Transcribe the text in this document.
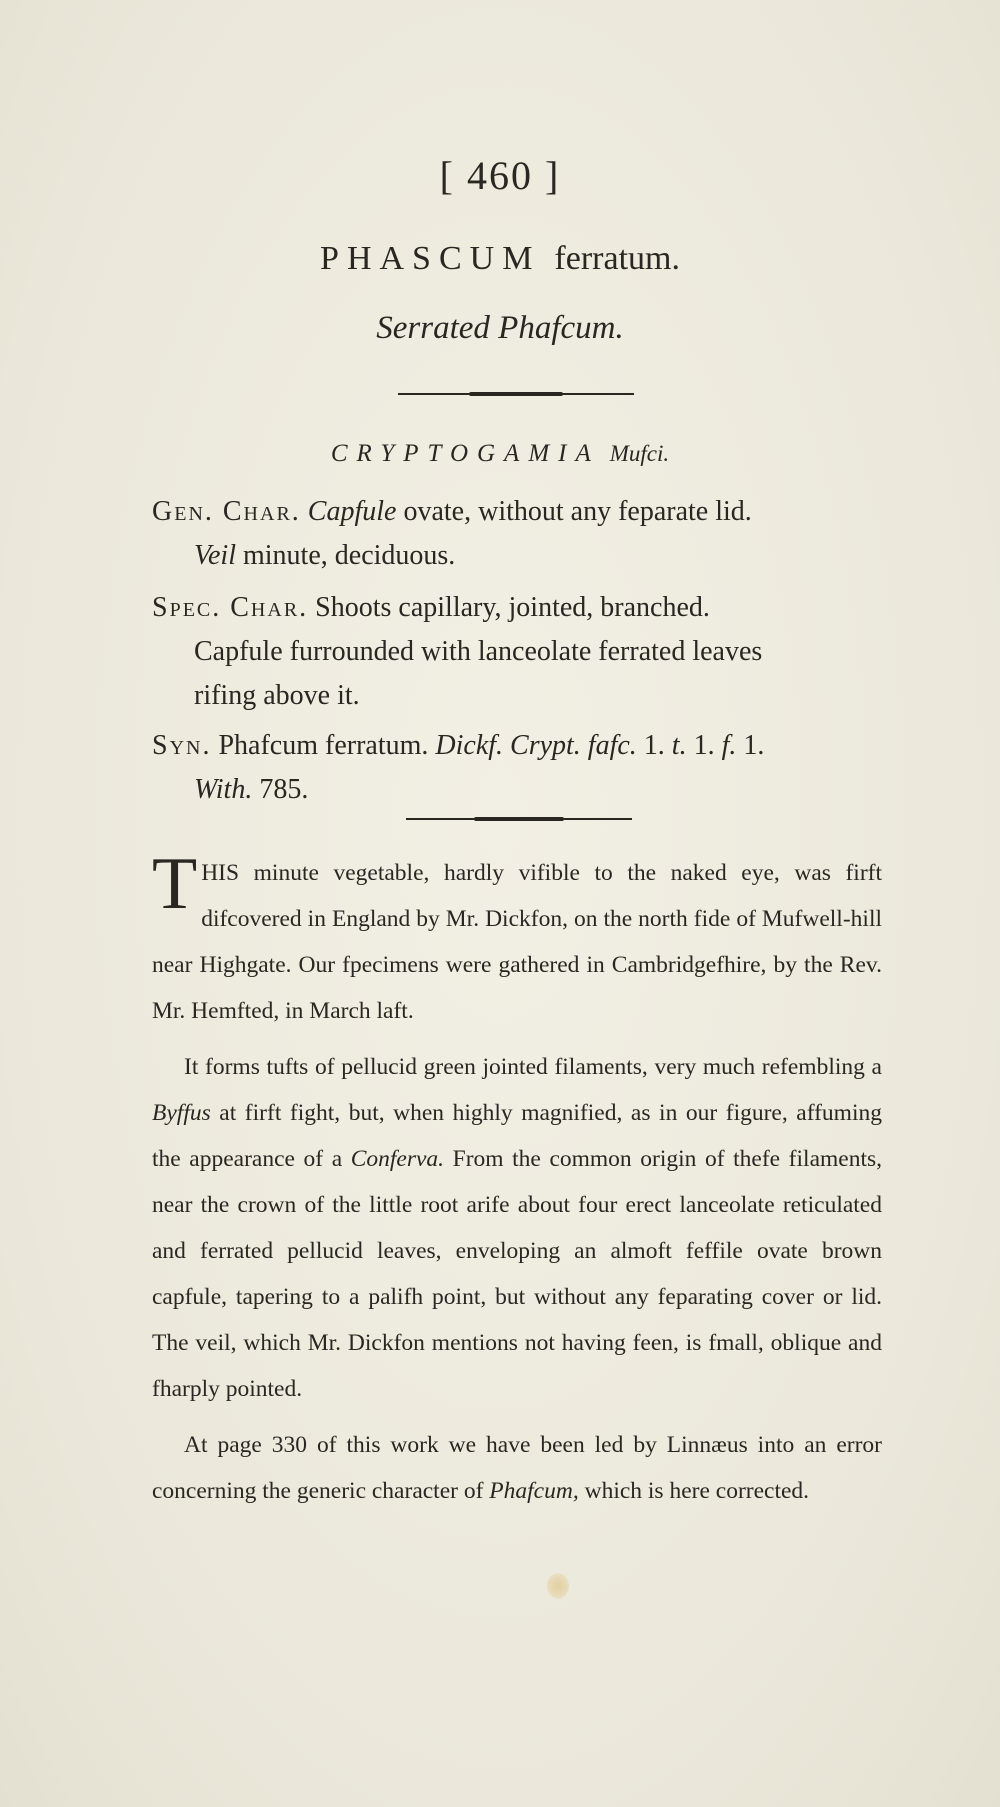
[ 460 ]
PHASCUM ferratum.
Serrated Phafcum.
CRYPTOGAMIA Mufci.
Gen. Char. Capfule ovate, without any feparate lid.
Veil minute, deciduous.
Spec. Char. Shoots capillary, jointed, branched.
Capfule furrounded with lanceolate ferrated leaves
rifing above it.
Syn. Phafcum ferratum. Dickf. Crypt. fafc. 1. t. 1. f. 1.
With. 785.

THIS minute vegetable, hardly vifible to the naked eye, was firft difcovered in England by Mr. Dickfon, on the north fide of Mufwell-hill near Highgate. Our fpecimens were gathered in Cambridgefhire, by the Rev. Mr. Hemfted, in March laft.

It forms tufts of pellucid green jointed filaments, very much refembling a Byffus at firft fight, but, when highly magnified, as in our figure, affuming the appearance of a Conferva. From the common origin of thefe filaments, near the crown of the little root arife about four erect lanceolate reticulated and ferrated pellucid leaves, enveloping an almoft feffile ovate brown capfule, tapering to a palifh point, but without any feparating cover or lid. The veil, which Mr. Dickfon mentions not having feen, is fmall, oblique and fharply pointed.

At page 330 of this work we have been led by Linnæus into an error concerning the generic character of Phafcum, which is here corrected.
